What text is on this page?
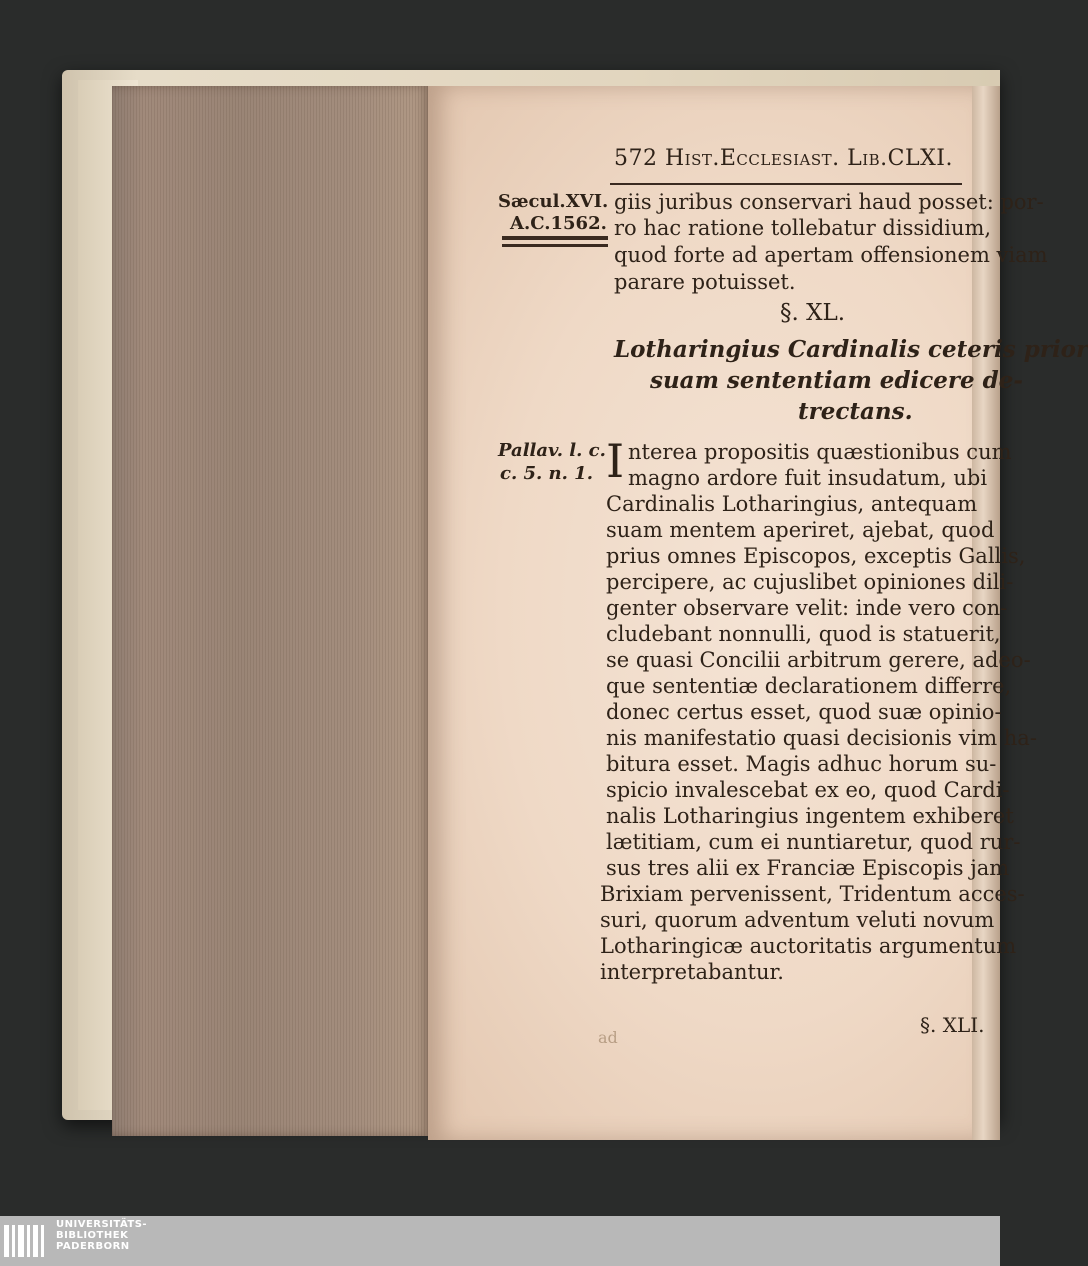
572 Hist.Ecclesiast. Lib.CLXI.
Sæcul.XVI.
A.C.1562.
giis juribus conservari haud posset: por-
ro hac ratione tollebatur dissidium,
quod forte ad apertam offensionem viam
parare potuisset.
§. XL.
Lotharingius Cardinalis ceteris prior
suam sententiam edicere de-
trectans.
Pallav. l. c.
c. 5. n. 1. I nterea propositis quæstionibus cum
magno ardore fuit insudatum, ubi
Cardinalis Lotharingius, antequam
suam mentem aperiret, ajebat, quod
prius omnes Episcopos, exceptis Gallis,
percipere, ac cujuslibet opiniones dili-
genter observare velit: inde vero con-
cludebant nonnulli, quod is statuerit,
se quasi Concilii arbitrum gerere, adeo-
que sententiæ declarationem differre,
donec certus esset, quod suæ opinio-
nis manifestatio quasi decisionis vim ha-
bitura esset. Magis adhuc horum su-
spicio invalescebat ex eo, quod Cardi-
nalis Lotharingius ingentem exhiberet
lætitiam, cum ei nuntiaretur, quod rur-
sus tres alii ex Franciæ Episcopis jam
Brixiam pervenissent, Tridentum acces-
suri, quorum adventum veluti novum
Lotharingicæ auctoritatis argumentum
interpretabantur.
§. XLI.
ad
UNIVERSITÄTS-
BIBLIOTHEK
PADERBORN
